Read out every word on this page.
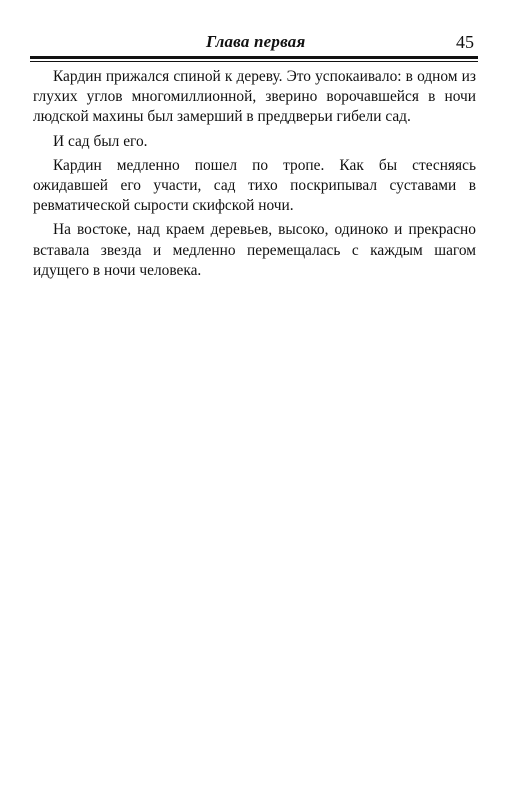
Глава первая	45

Кардин прижался спиной к дереву. Это успокаивало: в одном из глухих углов многомиллионной, зверино ворочавшейся в ночи людской махины был замерший в преддверьи гибели сад.

И сад был его.

Кардин медленно пошел по тропе. Как бы стесняясь ожидавшей его участи, сад тихо поскрипывал суставами в ревматической сырости скифской ночи.

На востоке, над краем деревьев, высоко, одиноко и прекрасно вставала звезда и медленно перемещалась с каждым шагом идущего в ночи человека.
